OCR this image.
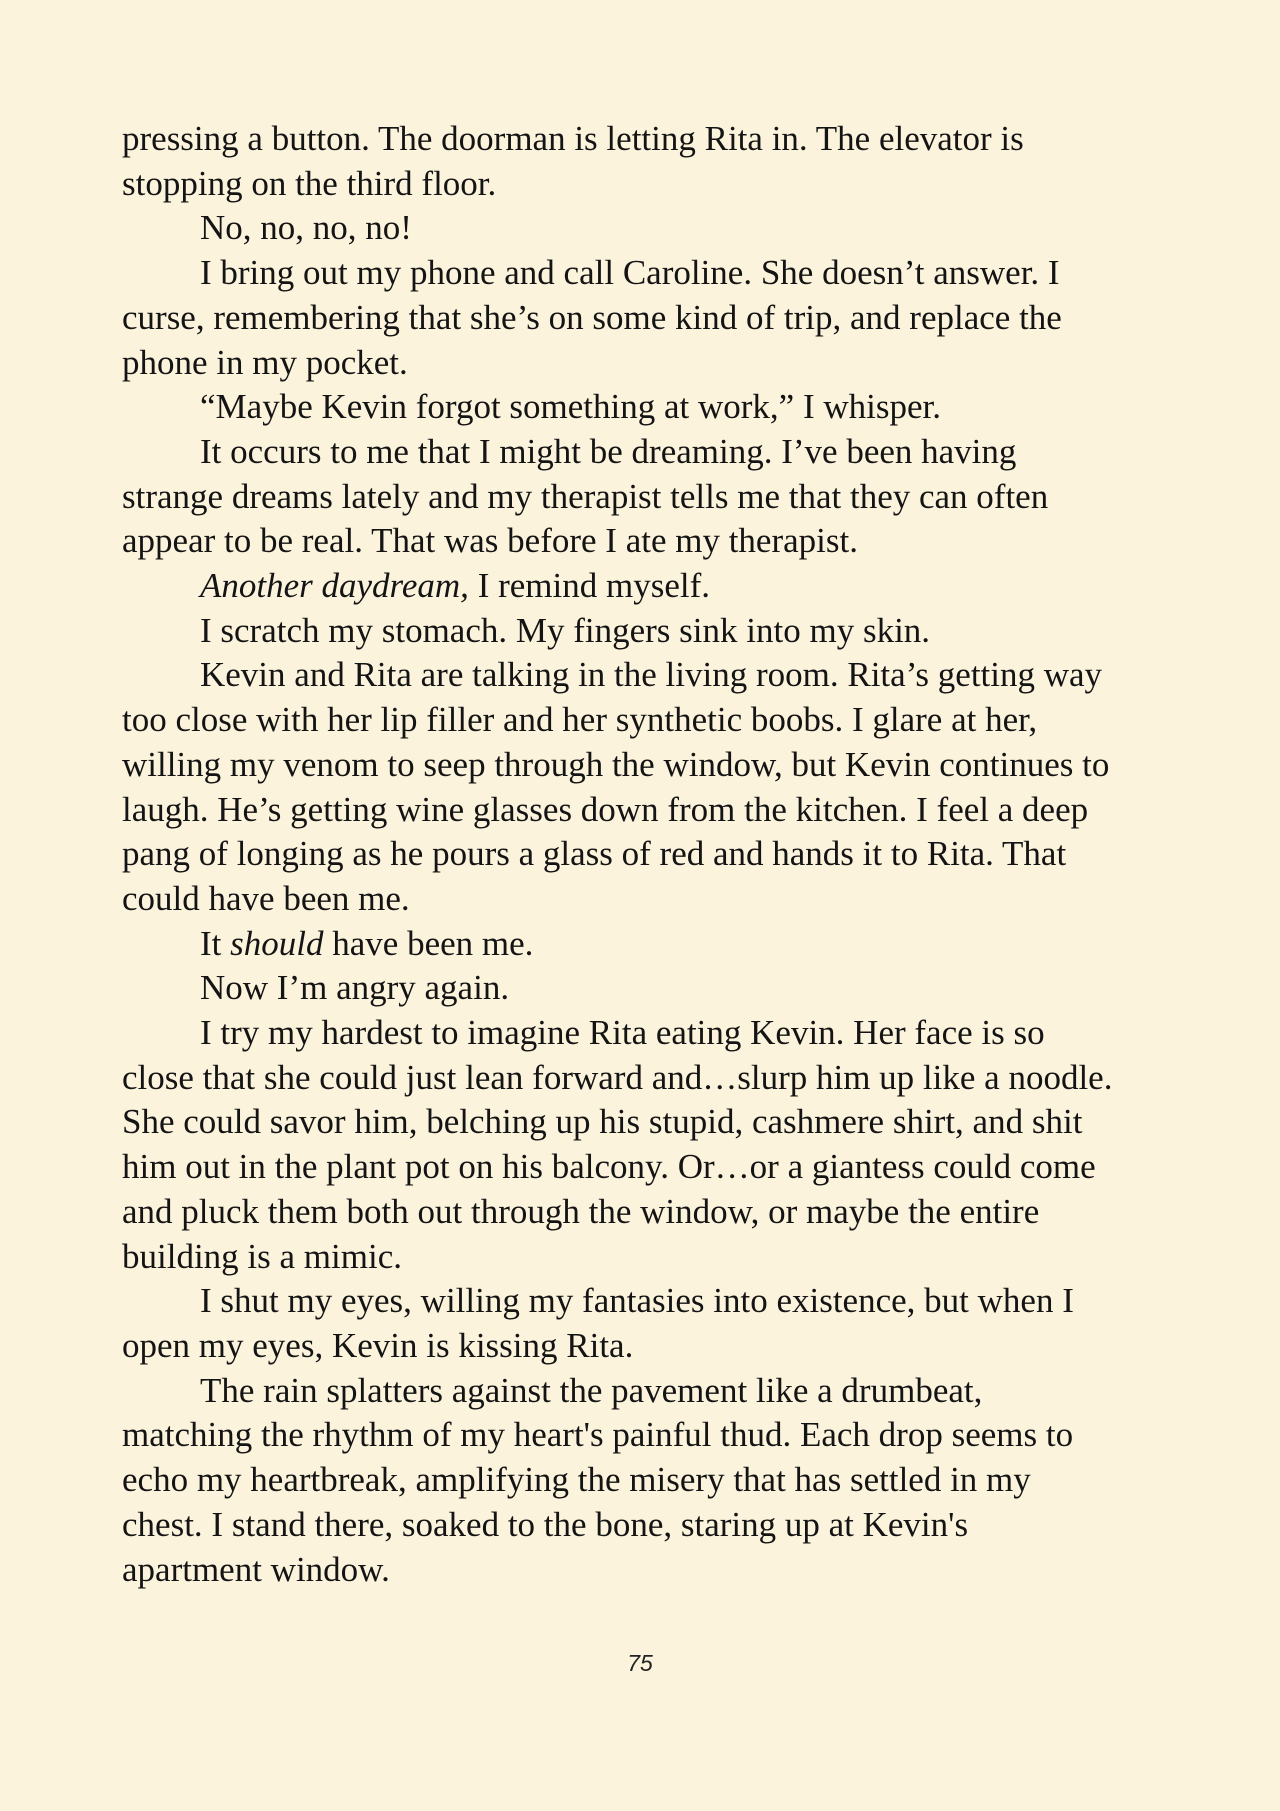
pressing a button. The doorman is letting Rita in. The elevator is
stopping on the third floor.
No, no, no, no!
I bring out my phone and call Caroline. She doesn’t answer. I
curse, remembering that she’s on some kind of trip, and replace the
phone in my pocket.
“Maybe Kevin forgot something at work,” I whisper.
It occurs to me that I might be dreaming. I’ve been having
strange dreams lately and my therapist tells me that they can often
appear to be real. That was before I ate my therapist.
Another daydream, I remind myself.
I scratch my stomach. My fingers sink into my skin.
Kevin and Rita are talking in the living room. Rita’s getting way
too close with her lip filler and her synthetic boobs. I glare at her,
willing my venom to seep through the window, but Kevin continues to
laugh. He’s getting wine glasses down from the kitchen. I feel a deep
pang of longing as he pours a glass of red and hands it to Rita. That
could have been me.
It should have been me.
Now I’m angry again.
I try my hardest to imagine Rita eating Kevin. Her face is so
close that she could just lean forward and…slurp him up like a noodle.
She could savor him, belching up his stupid, cashmere shirt, and shit
him out in the plant pot on his balcony. Or…or a giantess could come
and pluck them both out through the window, or maybe the entire
building is a mimic.
I shut my eyes, willing my fantasies into existence, but when I
open my eyes, Kevin is kissing Rita.
The rain splatters against the pavement like a drumbeat,
matching the rhythm of my heart's painful thud. Each drop seems to
echo my heartbreak, amplifying the misery that has settled in my
chest. I stand there, soaked to the bone, staring up at Kevin's
apartment window.
75
